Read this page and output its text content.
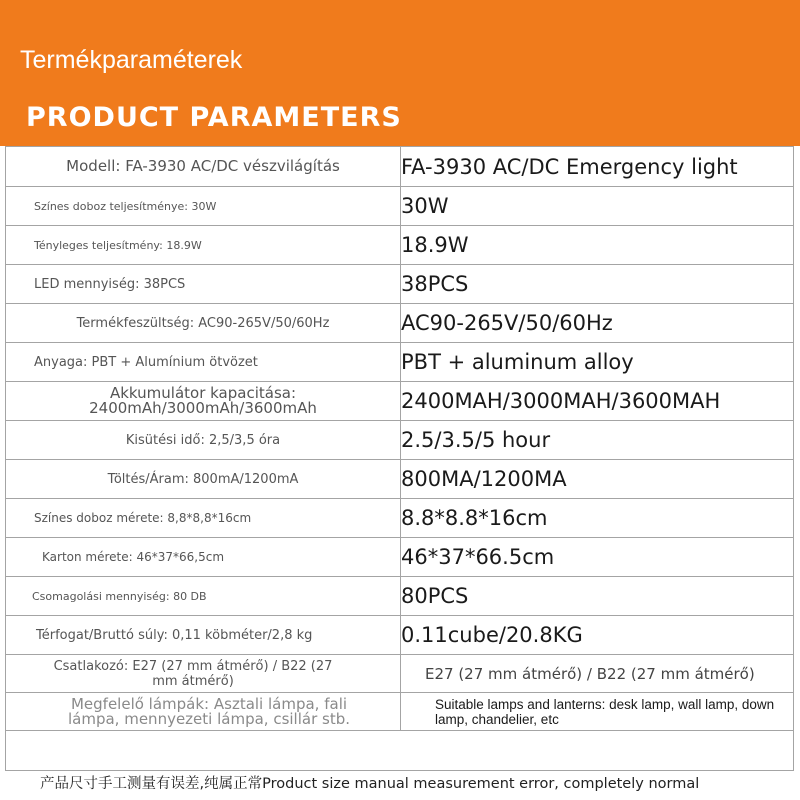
Termékparaméterek
PRODUCT PARAMETERS
Modell: FA-3930 AC/DC vészvilágítás	FA-3930 AC/DC Emergency light
Színes doboz teljesítménye: 30W	30W
Tényleges teljesítmény: 18.9W	18.9W
LED mennyiség: 38PCS	38PCS
Termékfeszültség: AC90-265V/50/60Hz	AC90-265V/50/60Hz
Anyaga: PBT + Alumínium ötvözet	PBT + aluminum alloy
Akkumulátor kapacitása: 2400mAh/3000mAh/3600mAh	2400MAH/3000MAH/3600MAH
Kisütési idő: 2,5/3,5 óra	2.5/3.5/5 hour
Töltés/Áram: 800mA/1200mA	800MA/1200MA
Színes doboz mérete: 8,8*8,8*16cm	8.8*8.8*16cm
Karton mérete: 46*37*66,5cm	46*37*66.5cm
Csomagolási mennyiség: 80 DB	80PCS
Térfogat/Bruttó súly: 0,11 köbméter/2,8 kg	0.11cube/20.8KG
Csatlakozó: E27 (27 mm átmérő) / B22 (27 mm átmérő)	E27 (27 mm átmérő) / B22 (27 mm átmérő)
Megfelelő lámpák: Asztali lámpa, fali lámpa, mennyezeti lámpa, csillár stb.	Suitable lamps and lanterns: desk lamp, wall lamp, down lamp, chandelier, etc

产品尺寸手工测量有误差,纯属正常Product size manual measurement error, completely normal
